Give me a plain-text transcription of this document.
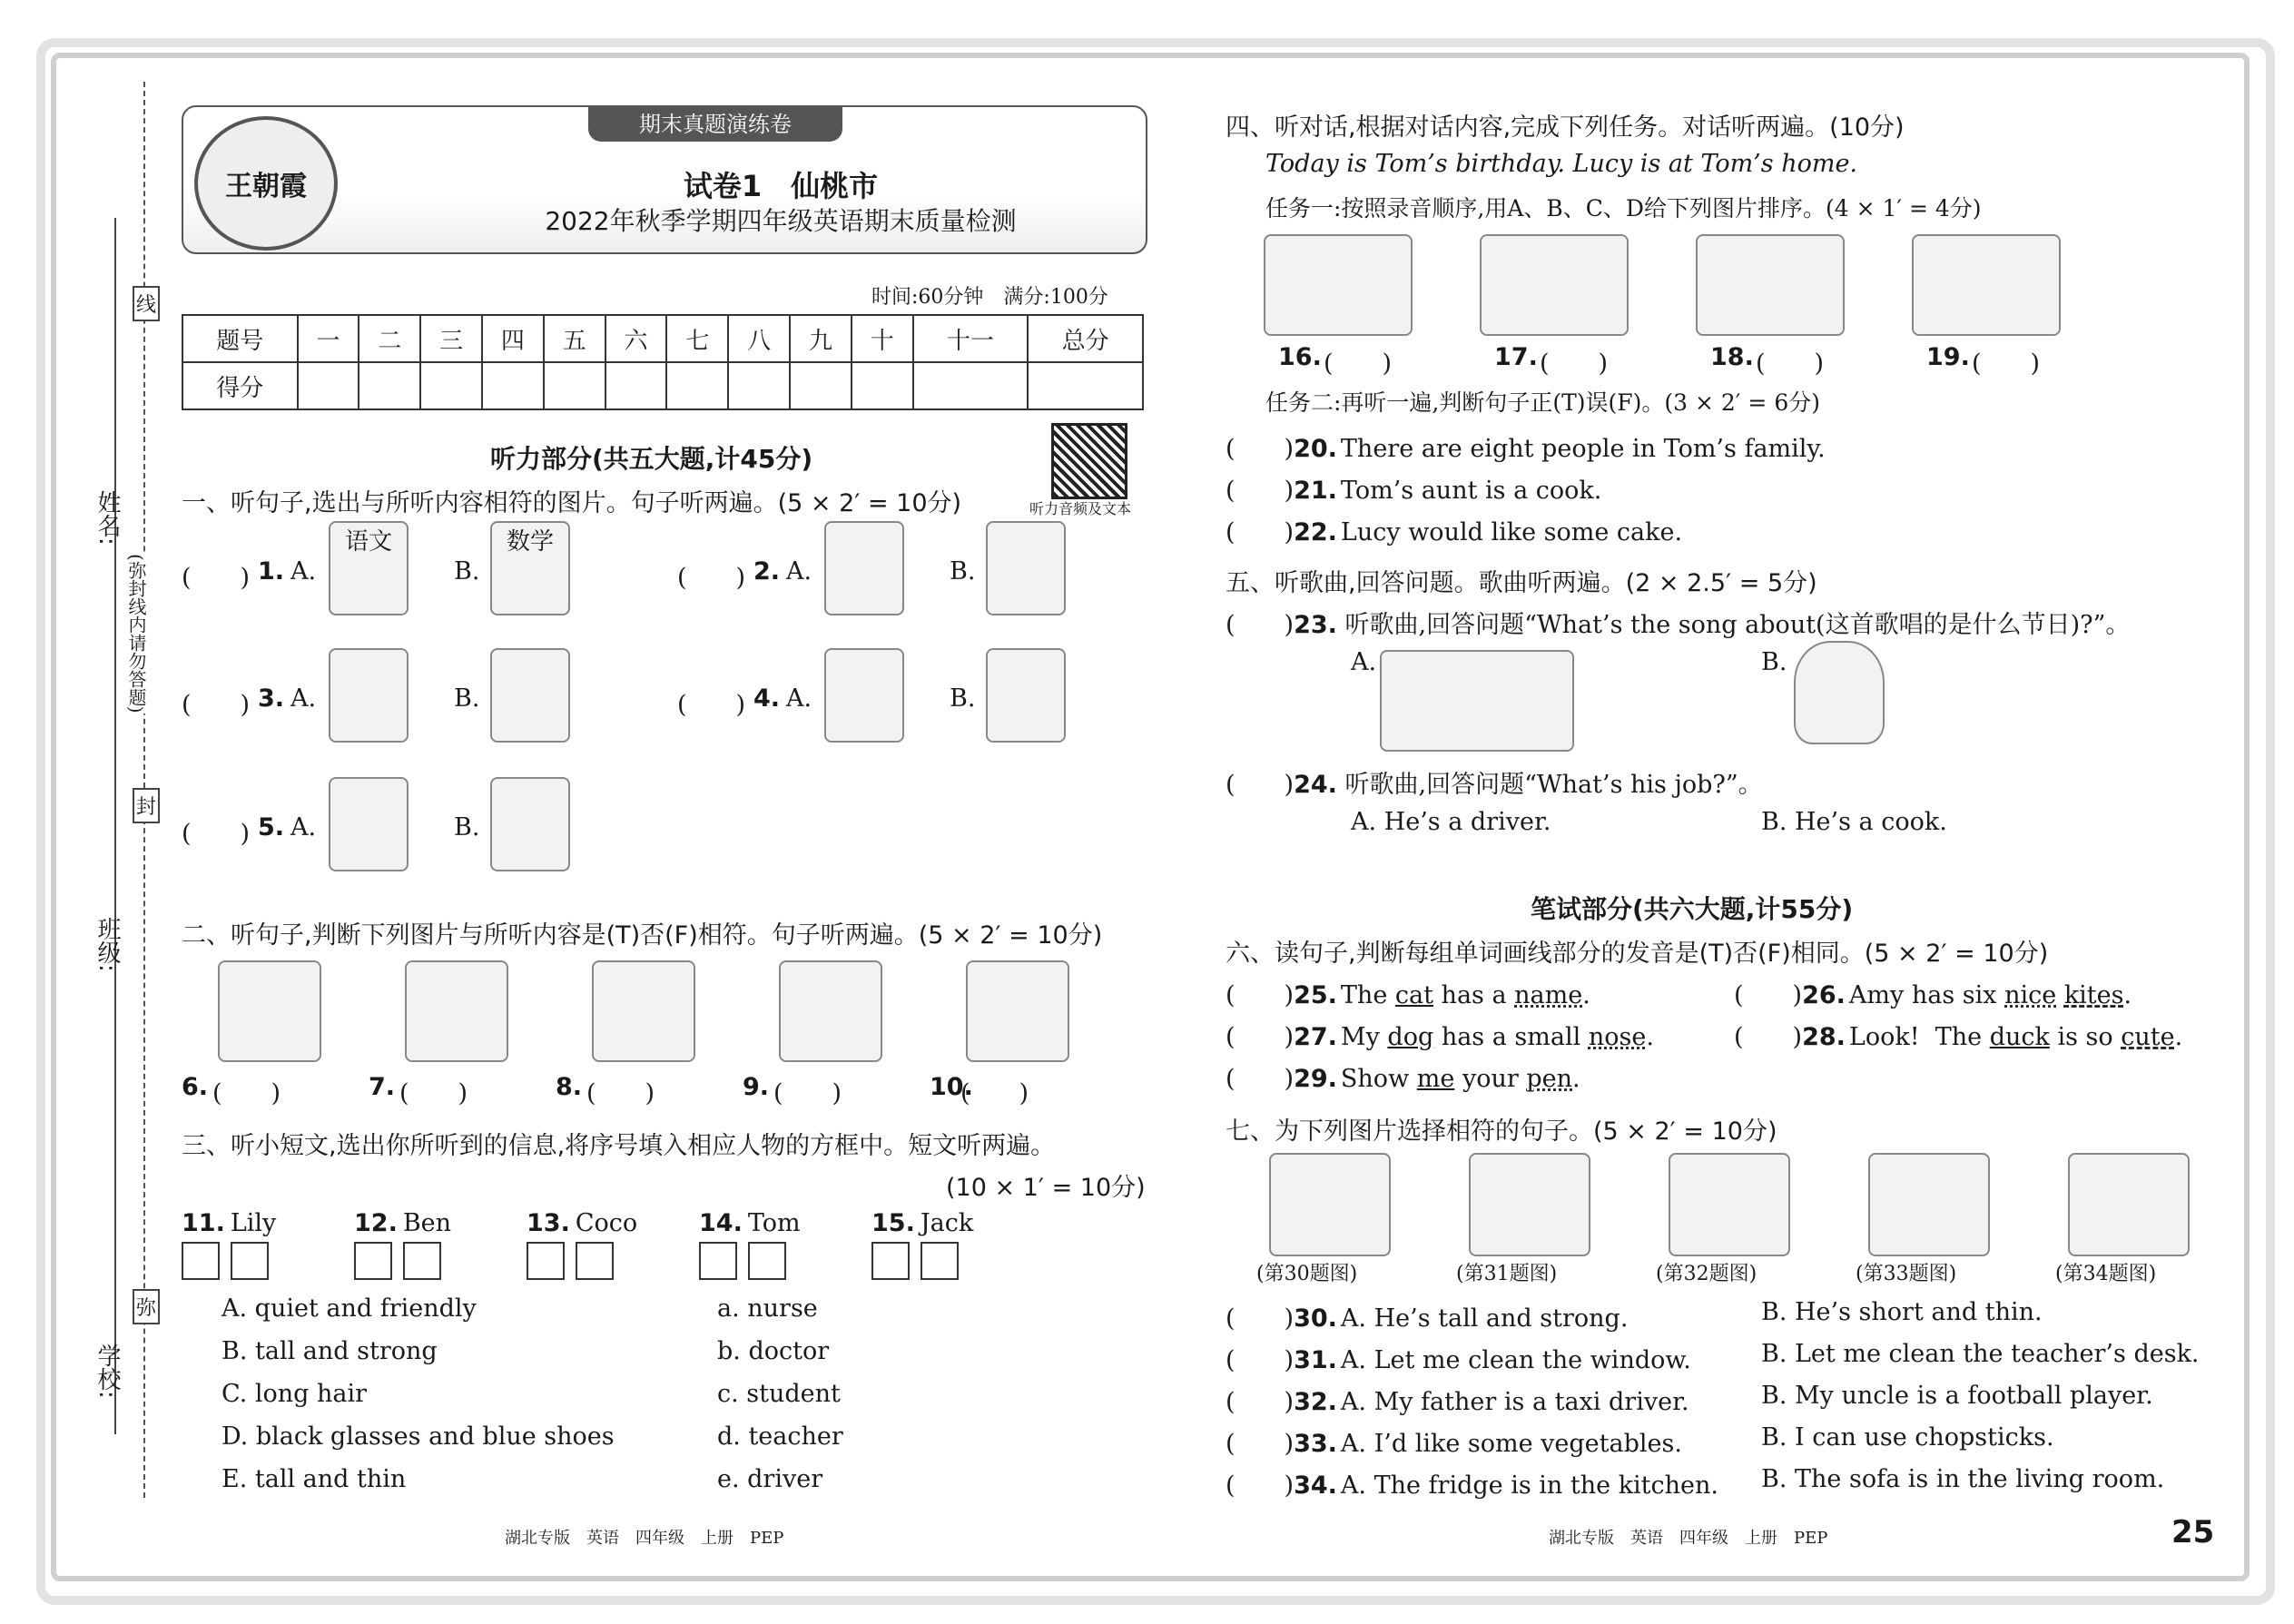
姓名:
班级:
学校:
线
封
弥
(弥封线内请勿答题)
王朝霞
期末真题演练卷
试卷1　仙桃市
2022年秋季学期四年级英语期末质量检测
时间:60分钟　满分:100分
题号	一	二	三	四	五	六	七	八	九	十	十一	总分
得分												
听力部分(共五大题,计45分)
听力音频及文本
一、听句子,选出与所听内容相符的图片。句子听两遍。(5 × 2′ = 10分)
(　　) 1. A.
语文
B.
数学
(　　) 2. A.	B.
(　　) 3. A.	B.	(　　) 4. A.	B.
(　　) 5. A.	B.
二、听句子,判断下列图片与所听内容是(T)否(F)相符。句子听两遍。(5 × 2′ = 10分)
6. (　　)	7. (　　)	8. (　　)	9. (　　)	10.
(　　)
三、听小短文,选出你所听到的信息,将序号填入相应人物的方框中。短文听两遍。
(10 × 1′ = 10分)
11. Lily	12. Ben	13. Coco	14. Tom	15. Jack
A. quiet and friendly
B. tall and strong
C. long hair
D. black glasses and blue shoes
E. tall and thin
a. nurse
b. doctor
c. student
d. teacher
e. driver
湖北专版　英语　四年级　上册　PEP	湖北专版　英语　四年级　上册　PEP	25
四、听对话,根据对话内容,完成下列任务。对话听两遍。(10分)
Today is Tom’s birthday. Lucy is at Tom’s home.
任务一:按照录音顺序,用A、B、C、D给下列图片排序。(4 × 1′ = 4分)
16. (　　)	17. (　　)	18. (　　)	19. (　　)
任务二:再听一遍,判断句子正(T)误(F)。(3 × 2′ = 6分)
(　　)20. There are eight people in Tom’s family.
(　　)21. Tom’s aunt is a cook.
(　　)22. Lucy would like some cake.
五、听歌曲,回答问题。歌曲听两遍。(2 × 2.5′ = 5分)
(　　)23. 听歌曲,回答问题“What’s the song about(这首歌唱的是什么节日)?”。
A.	B.
(　　)24. 听歌曲,回答问题“What’s his job?”。
A. He’s a driver.	B. He’s a cook.
笔试部分(共六大题,计55分)
六、读句子,判断每组单词画线部分的发音是(T)否(F)相同。(5 × 2′ = 10分)
(　　)25. The cat has a name.	(　　)26. Amy has six nice kites.
(　　)27. My dog has a small nose.	(　　)28. Look!  The duck is so cute.
(　　)29. Show me your pen.
七、为下列图片选择相符的句子。(5 × 2′ = 10分)
(第30题图)	(第31题图)	(第32题图)	(第33题图)	(第34题图)
(　　)30. A. He’s tall and strong.	B. He’s short and thin.
(　　)31. A. Let me clean the window.	B. Let me clean the teacher’s desk.
(　　)32. A. My father is a taxi driver.	B. My uncle is a football player.
(　　)33. A. I’d like some vegetables.	B. I can use chopsticks.
(　　)34. A. The fridge is in the kitchen. B. The sofa is in the living room.
